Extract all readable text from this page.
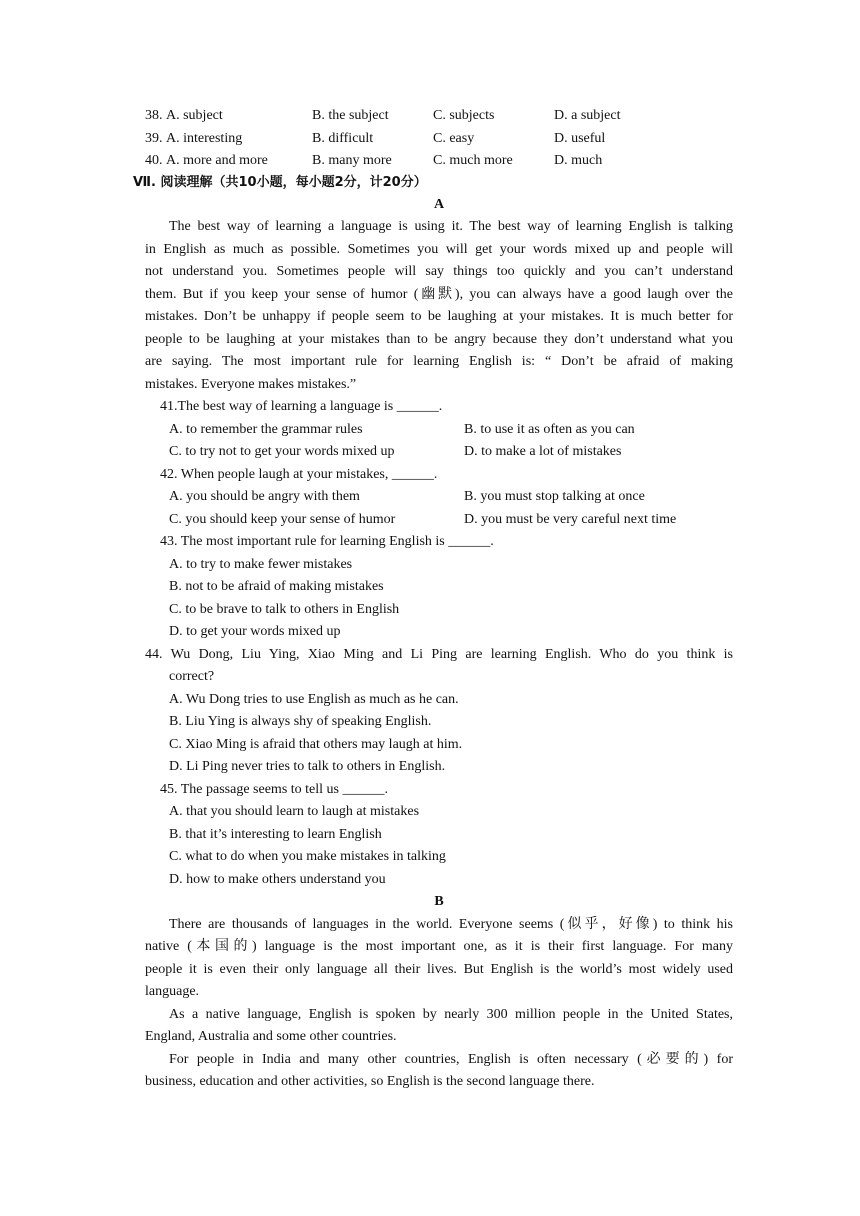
38. A. subject	B. the subject	C. subjects	D. a subject
39. A. interesting	B. difficult	C. easy	D. useful
40. A. more and more	B. many more	C. much more	D. much
Ⅶ. 阅读理解（共10小题，每小题2分，计20分）
A
The best way of learning a language is using it. The best way of learning English is talking
in English as much as possible. Sometimes you will get your words mixed up and people will
not understand you. Sometimes people will say things too quickly and you can’t understand
them. But if you keep your sense of humor (幽默), you can always have a good laugh over the
mistakes. Don’t be unhappy if people seem to be laughing at your mistakes. It is much better for
people to be laughing at your mistakes than to be angry because they don’t understand what you
are saying. The most important rule for learning English is: “ Don’t be afraid of making
mistakes. Everyone makes mistakes.”
41.The best way of learning a language is ______.
A. to remember the grammar rules	B. to use it as often as you can
C. to try not to get your words mixed up	D. to make a lot of mistakes
42. When people laugh at your mistakes, ______.
A. you should be angry with them	B. you must stop talking at once
C. you should keep your sense of humor	D. you must be very careful next time
43. The most important rule for learning English is ______.
A. to try to make fewer mistakes
B. not to be afraid of making mistakes
C. to be brave to talk to others in English
D. to get your words mixed up
44. Wu Dong, Liu Ying, Xiao Ming and Li Ping are learning English. Who do you think is
correct?
A. Wu Dong tries to use English as much as he can.
B. Liu Ying is always shy of speaking English.
C. Xiao Ming is afraid that others may laugh at him.
D. Li Ping never tries to talk to others in English.
45. The passage seems to tell us ______.
A. that you should learn to laugh at mistakes
B. that it’s interesting to learn English
C. what to do when you make mistakes in talking
D. how to make others understand you
B
There are thousands of languages in the world. Everyone seems (似乎，好像) to think his
native (本国的) language is the most important one, as it is their first language. For many
people it is even their only language all their lives. But English is the world’s most widely used
language.
As a native language, English is spoken by nearly 300 million people in the United States,
England, Australia and some other countries.
For people in India and many other countries, English is often necessary (必要的) for
business, education and other activities, so English is the second language there.
